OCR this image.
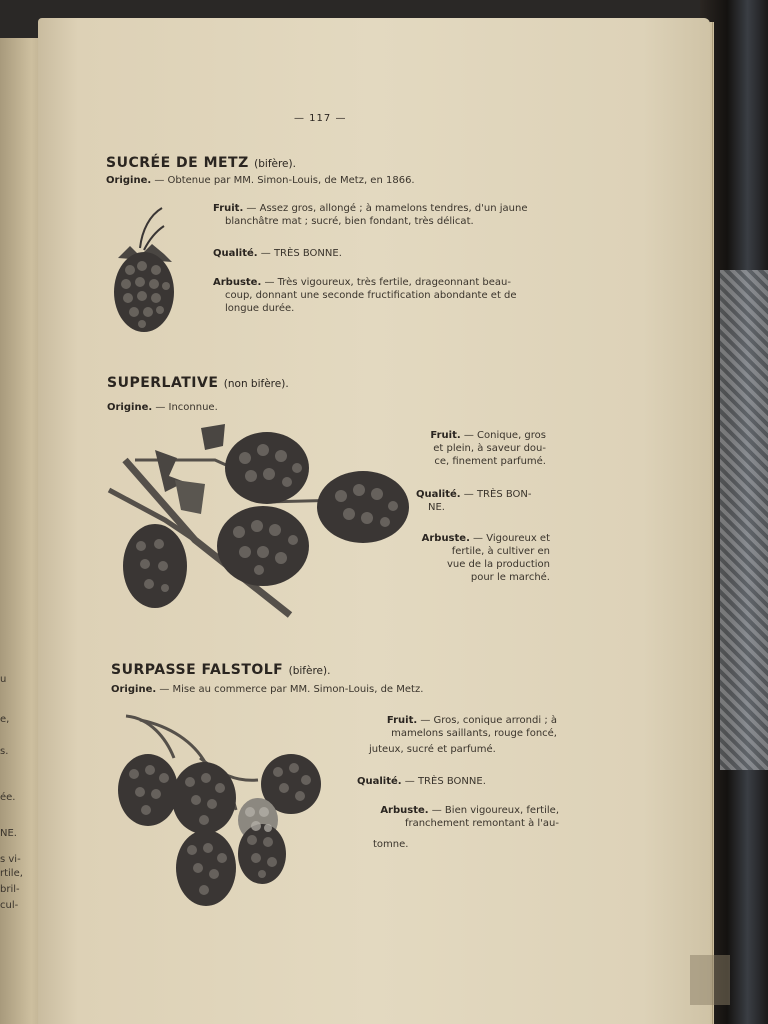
u
e,
s.
ée.
NE.
s vi-
rtile,
bril-
cul-
— 117 —
SUCRÉE DE METZ (bifère).
Origine. — Obtenue par MM. Simon-Louis, de Metz, en 1866.
Fruit. — Assez gros, allongé ; à mamelons tendres, d'un jaune
blanchâtre mat ; sucré, bien fondant, très délicat.
Qualité. — TRÈS BONNE.
Arbuste. — Très vigoureux, très fertile, drageonnant beau-
coup, donnant une seconde fructification abondante et de
longue durée.
SUPERLATIVE (non bifère).
Origine. — Inconnue.
Fruit. — Conique, gros
et plein, à saveur dou-
ce, finement parfumé.
Qualité. — TRÈS BON-
NE.
Arbuste. — Vigoureux et
fertile, à cultiver en
vue de la production
pour le marché.
SURPASSE FALSTOLF (bifère).
Origine. — Mise au commerce par MM. Simon-Louis, de Metz.
Fruit. — Gros, conique arrondi ; à
mamelons saillants, rouge foncé,
juteux, sucré et parfumé.
Qualité. — TRÈS BONNE.
Arbuste. — Bien vigoureux, fertile,
franchement remontant à l'au-
tomne.
